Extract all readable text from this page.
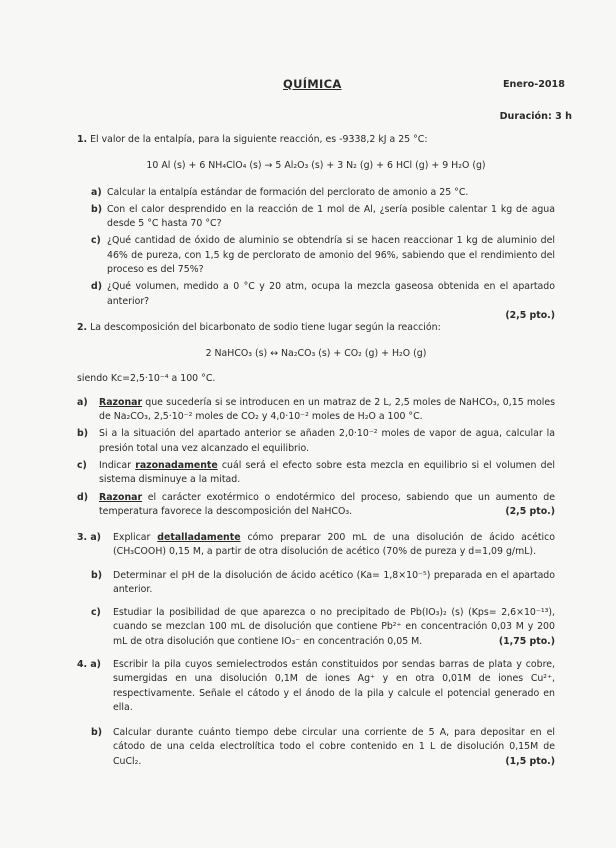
QUÍMICA	Enero-2018
Duración: 3 h

1. El valor de la entalpía, para la siguiente reacción, es -9338,2 kJ a 25 °C:

10 Al (s) + 6 NH₄ClO₄ (s) → 5 Al₂O₃ (s) + 3 N₂ (g) + 6 HCl (g) + 9 H₂O (g)

a) Calcular la entalpía estándar de formación del perclorato de amonio a 25 °C.
b) Con el calor desprendido en la reacción de 1 mol de Al, ¿sería posible calentar 1 kg de agua desde 5 °C hasta 70 °C?
c) ¿Qué cantidad de óxido de aluminio se obtendría si se hacen reaccionar 1 kg de aluminio del 46% de pureza, con 1,5 kg de perclorato de amonio del 96%, sabiendo que el rendimiento del proceso es del 75%?
d) ¿Qué volumen, medido a 0 °C y 20 atm, ocupa la mezcla gaseosa obtenida en el apartado anterior?
(2,5 pto.)

2. La descomposición del bicarbonato de sodio tiene lugar según la reacción:

2 NaHCO₃ (s) ↔ Na₂CO₃ (s) + CO₂ (g) + H₂O (g)

siendo Kc=2,5·10⁻⁴ a 100 °C.

a) Razonar que sucedería si se introducen en un matraz de 2 L, 2,5 moles de NaHCO₃, 0,15 moles de Na₂CO₃, 2,5·10⁻² moles de CO₂ y 4,0·10⁻² moles de H₂O a 100 °C.
b) Si a la situación del apartado anterior se añaden 2,0·10⁻² moles de vapor de agua, calcular la presión total una vez alcanzado el equilibrio.
c) Indicar razonadamente cuál será el efecto sobre esta mezcla en equilibrio si el volumen del sistema disminuye a la mitad.
d) Razonar el carácter exotérmico o endotérmico del proceso, sabiendo que un aumento de temperatura favorece la descomposición del NaHCO₃.	(2,5 pto.)
3. a) Explicar detalladamente cómo preparar 200 mL de una disolución de ácido acético (CH₃COOH) 0,15 M, a partir de otra disolución de acético (70% de pureza y d=1,09 g/mL).
b) Determinar el pH de la disolución de ácido acético (Ka= 1,8×10⁻⁵) preparada en el apartado anterior.
c) Estudiar la posibilidad de que aparezca o no precipitado de Pb(IO₃)₂ (s) (Kps= 2,6×10⁻¹³), cuando se mezclan 100 mL de disolución que contiene Pb²⁺ en concentración 0,03 M y 200 mL de otra disolución que contiene IO₃⁻ en concentración 0,05 M.	(1,75 pto.)
4. a) Escribir la pila cuyos semielectrodos están constituidos por sendas barras de plata y cobre, sumergidas en una disolución 0,1M de iones Ag⁺ y en otra 0,01M de iones Cu²⁺, respectivamente. Señale el cátodo y el ánodo de la pila y calcule el potencial generado en ella.
b) Calcular durante cuánto tiempo debe circular una corriente de 5 A, para depositar en el cátodo de una celda electrolítica todo el cobre contenido en 1 L de disolución 0,15M de CuCl₂.	(1,5 pto.)
